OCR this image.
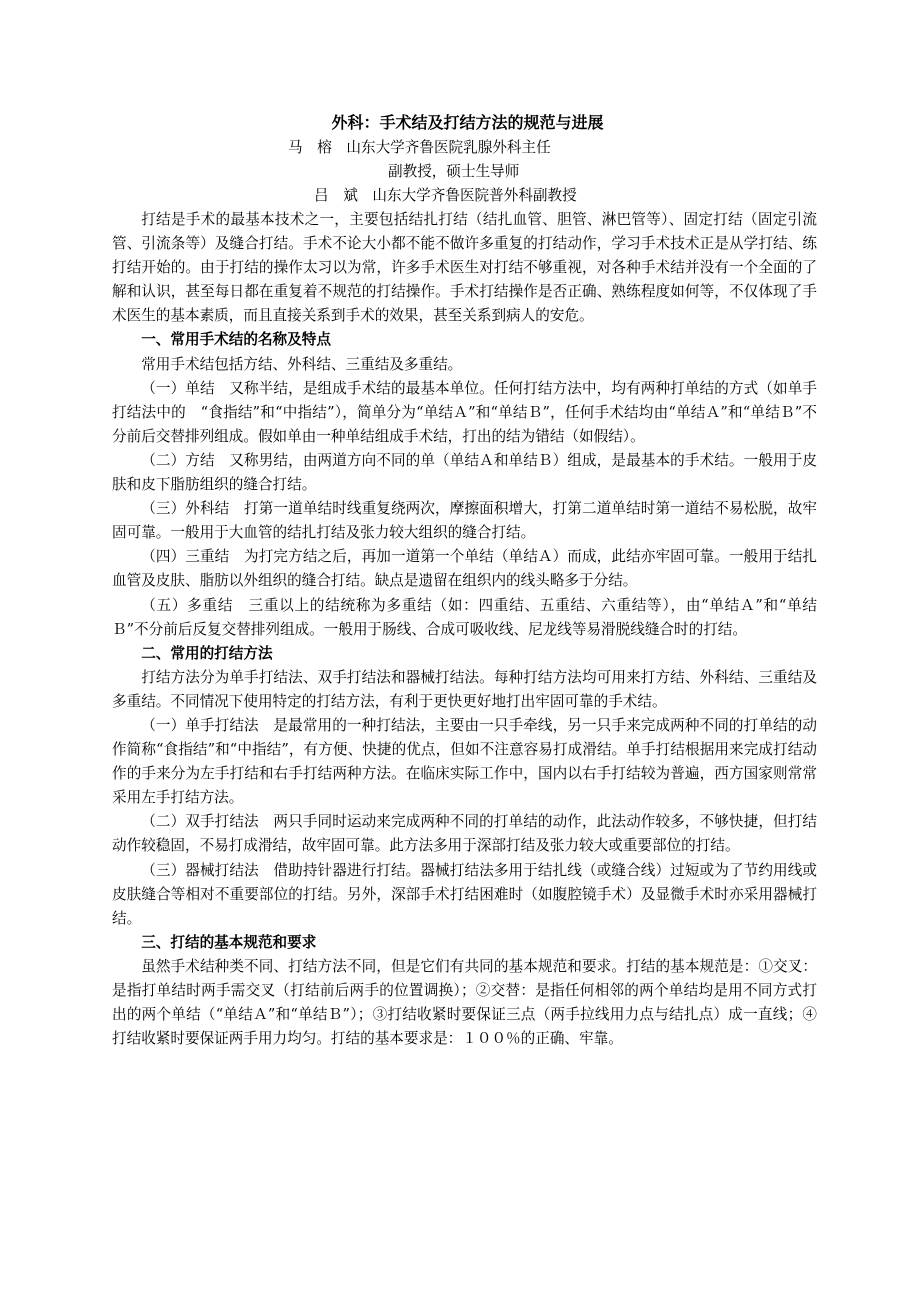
外科：手术结及打结方法的规范与进展

马　榕　山东大学齐鲁医院乳腺外科主任

副教授，硕士生导师

吕　斌　山东大学齐鲁医院普外科副教授

打结是手术的最基本技术之一，主要包括结扎打结（结扎血管、胆管、淋巴管等）、固定打结（固定引流管、引流条等）及缝合打结。手术不论大小都不能不做许多重复的打结动作，学习手术技术正是从学打结、练打结开始的。由于打结的操作太习以为常，许多手术医生对打结不够重视，对各种手术结并没有一个全面的了解和认识，甚至每日都在重复着不规范的打结操作。手术打结操作是否正确、熟练程度如何等，不仅体现了手术医生的基本素质，而且直接关系到手术的效果，甚至关系到病人的安危。

一、常用手术结的名称及特点

常用手术结包括方结、外科结、三重结及多重结。

（一）单结　又称半结，是组成手术结的最基本单位。任何打结方法中，均有两种打单结的方式（如单手打结法中的　“食指结”和“中指结”），简单分为“单结Ａ”和“单结Ｂ”，任何手术结均由“单结Ａ”和“单结Ｂ”不分前后交替排列组成。假如单由一种单结组成手术结，打出的结为错结（如假结）。

（二）方结　又称男结，由两道方向不同的单（单结Ａ和单结Ｂ）组成，是最基本的手术结。一般用于皮肤和皮下脂肪组织的缝合打结。

（三）外科结　打第一道单结时线重复绕两次，摩擦面积增大，打第二道单结时第一道结不易松脱，故牢固可靠。一般用于大血管的结扎打结及张力较大组织的缝合打结。

（四）三重结　为打完方结之后，再加一道第一个单结（单结Ａ）而成，此结亦牢固可靠。一般用于结扎血管及皮肤、脂肪以外组织的缝合打结。缺点是遗留在组织内的线头略多于分结。

（五）多重结　三重以上的结统称为多重结（如：四重结、五重结、六重结等），由“单结Ａ”和“单结Ｂ”不分前后反复交替排列组成。一般用于肠线、合成可吸收线、尼龙线等易滑脱线缝合时的打结。

二、常用的打结方法

打结方法分为单手打结法、双手打结法和器械打结法。每种打结方法均可用来打方结、外科结、三重结及多重结。不同情况下使用特定的打结方法，有利于更快更好地打出牢固可靠的手术结。

（一）单手打结法　是最常用的一种打结法，主要由一只手牵线，另一只手来完成两种不同的打单结的动作简称“食指结”和“中指结”，有方便、快捷的优点，但如不注意容易打成滑结。单手打结根据用来完成打结动作的手来分为左手打结和右手打结两种方法。在临床实际工作中，国内以右手打结较为普遍，西方国家则常常采用左手打结方法。

（二）双手打结法　两只手同时运动来完成两种不同的打单结的动作，此法动作较多，不够快捷，但打结动作较稳固，不易打成滑结，故牢固可靠。此方法多用于深部打结及张力较大或重要部位的打结。

（三）器械打结法　借助持针器进行打结。器械打结法多用于结扎线（或缝合线）过短或为了节约用线或皮肤缝合等相对不重要部位的打结。另外，深部手术打结困难时（如腹腔镜手术）及显微手术时亦采用器械打结。

三、打结的基本规范和要求

虽然手术结种类不同、打结方法不同，但是它们有共同的基本规范和要求。打结的基本规范是：①交叉：是指打单结时两手需交叉（打结前后两手的位置调换）；②交替：是指任何相邻的两个单结均是用不同方式打出的两个单结（“单结Ａ”和“单结Ｂ”）；③打结收紧时要保证三点（两手拉线用力点与结扎点）成一直线；④打结收紧时要保证两手用力均匀。打结的基本要求是：１００％的正确、牢靠。
